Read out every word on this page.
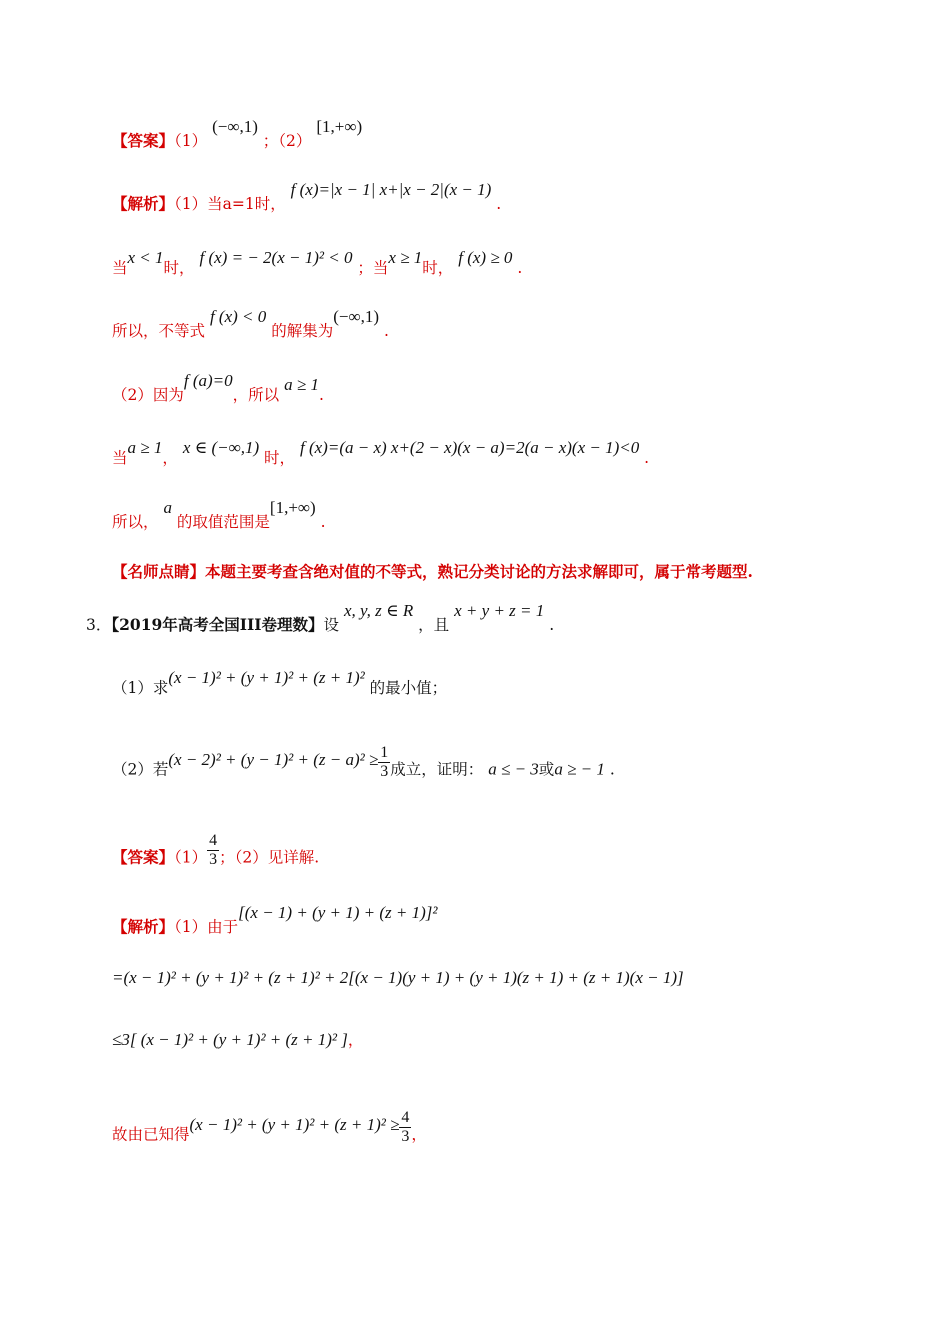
【答案】（1） (−∞,1) ；（2） [1,+∞)
【解析】（1）当a=1时， f (x)=|x − 1| x+|x − 2|(x − 1) .
当x < 1时， f (x) = − 2(x − 1)² < 0 ；当x ≥ 1时， f (x) ≥ 0 .
所以，不等式 f (x) < 0 的解集为(−∞,1) .
（2）因为f (a)=0，所以 a ≥ 1.
当a ≥ 1， x ∈ (−∞,1) 时， f (x)=(a − x) x+(2 − x)(x − a)=2(a − x)(x − 1)<0 .
所以， a 的取值范围是[1,+∞) .
【名师点睛】本题主要考查含绝对值的不等式，熟记分类讨论的方法求解即可，属于常考题型.
3．【2019年高考全国III卷理数】设 x, y, z ∈ R ，且 x + y + z = 1 .
（1）求(x − 1)² + (y + 1)² + (z + 1)² 的最小值；
（2）若$(x - 2)^2 + (y - 1)^2 + (z - a)^2 \ge \frac{1}{3}$ 成立，证明： a ≤ − 3或a ≥ − 1 .
【答案】$(1) \frac{4}{3}$ ；（2）见详解.
【解析】（1）由于[(x − 1) + (y + 1) + (z + 1)]²
=(x − 1)² + (y + 1)² + (z + 1)² + 2[(x − 1)(y + 1) + (y + 1)(z + 1) + (z + 1)(x − 1)]
≤3[ (x − 1)² + (y + 1)² + (z + 1)² ]，
故由已知得$(x - 1)^2 + (y + 1)^2 + (z + 1)^2 \ge \frac{4}{3}$ ，
